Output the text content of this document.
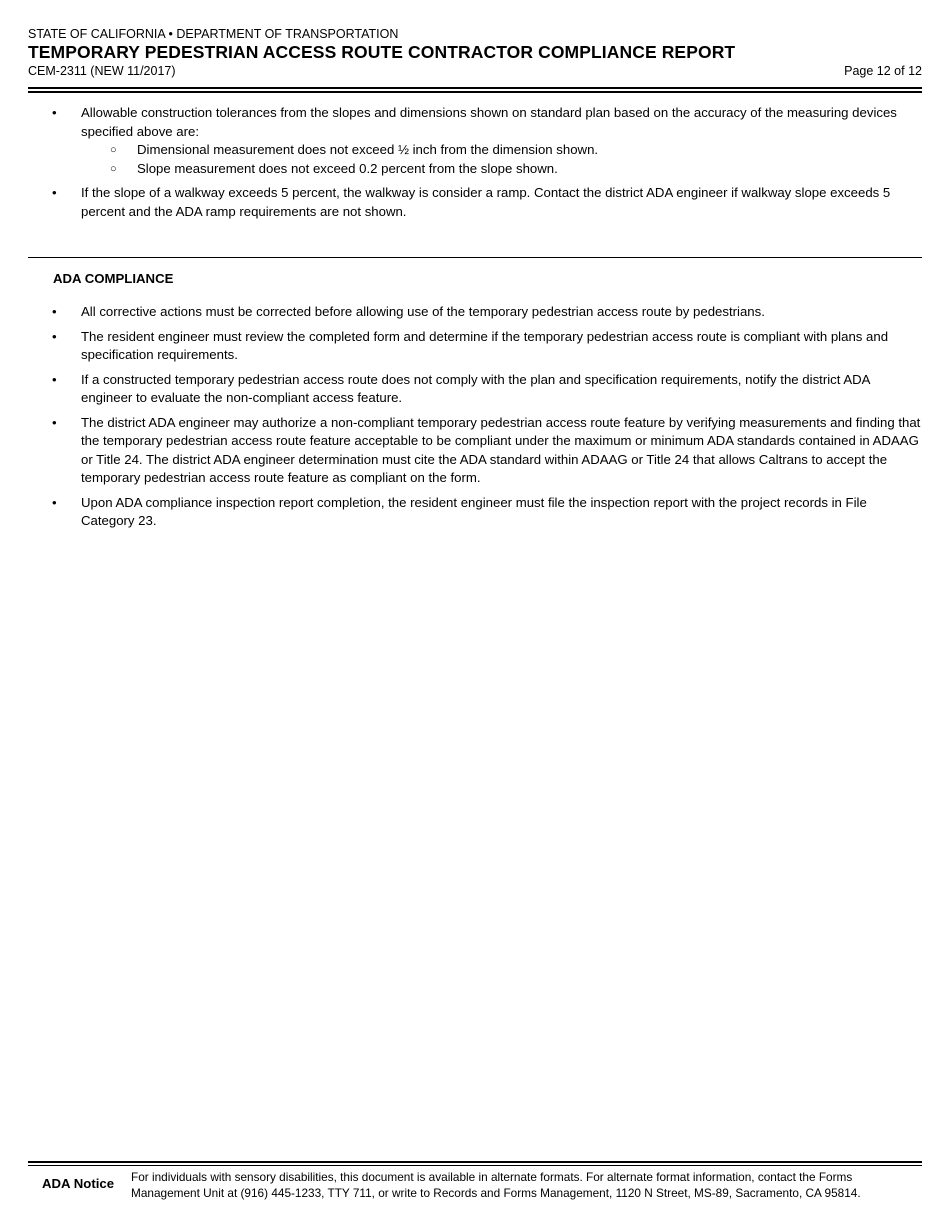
STATE OF CALIFORNIA • DEPARTMENT OF TRANSPORTATION
TEMPORARY PEDESTRIAN ACCESS ROUTE CONTRACTOR COMPLIANCE REPORT
CEM-2311 (NEW 11/2017)	Page 12 of 12
• Allowable construction tolerances from the slopes and dimensions shown on standard plan based on the accuracy of the measuring devices specified above are:
○ Dimensional measurement does not exceed ½ inch from the dimension shown.
○ Slope measurement does not exceed 0.2 percent from the slope shown.
• If the slope of a walkway exceeds 5 percent, the walkway is consider a ramp. Contact the district ADA engineer if walkway slope exceeds 5 percent and the ADA ramp requirements are not shown.
ADA COMPLIANCE
• All corrective actions must be corrected before allowing use of the temporary pedestrian access route by pedestrians.
• The resident engineer must review the completed form and determine if the temporary pedestrian access route is compliant with plans and specification requirements.
• If a constructed temporary pedestrian access route does not comply with the plan and specification requirements, notify the district ADA engineer to evaluate the non-compliant access feature.
• The district ADA engineer may authorize a non-compliant temporary pedestrian access route feature by verifying measurements and finding that the temporary pedestrian access route feature acceptable to be compliant under the maximum or minimum ADA standards contained in ADAAG or Title 24. The district ADA engineer determination must cite the ADA standard within ADAAG or Title 24 that allows Caltrans to accept the temporary pedestrian access route feature as compliant on the form.
• Upon ADA compliance inspection report completion, the resident engineer must file the inspection report with the project records in File Category 23.
ADA Notice For individuals with sensory disabilities, this document is available in alternate formats. For alternate format information, contact the Forms Management Unit at (916) 445-1233, TTY 711, or write to Records and Forms Management, 1120 N Street, MS-89, Sacramento, CA 95814.
